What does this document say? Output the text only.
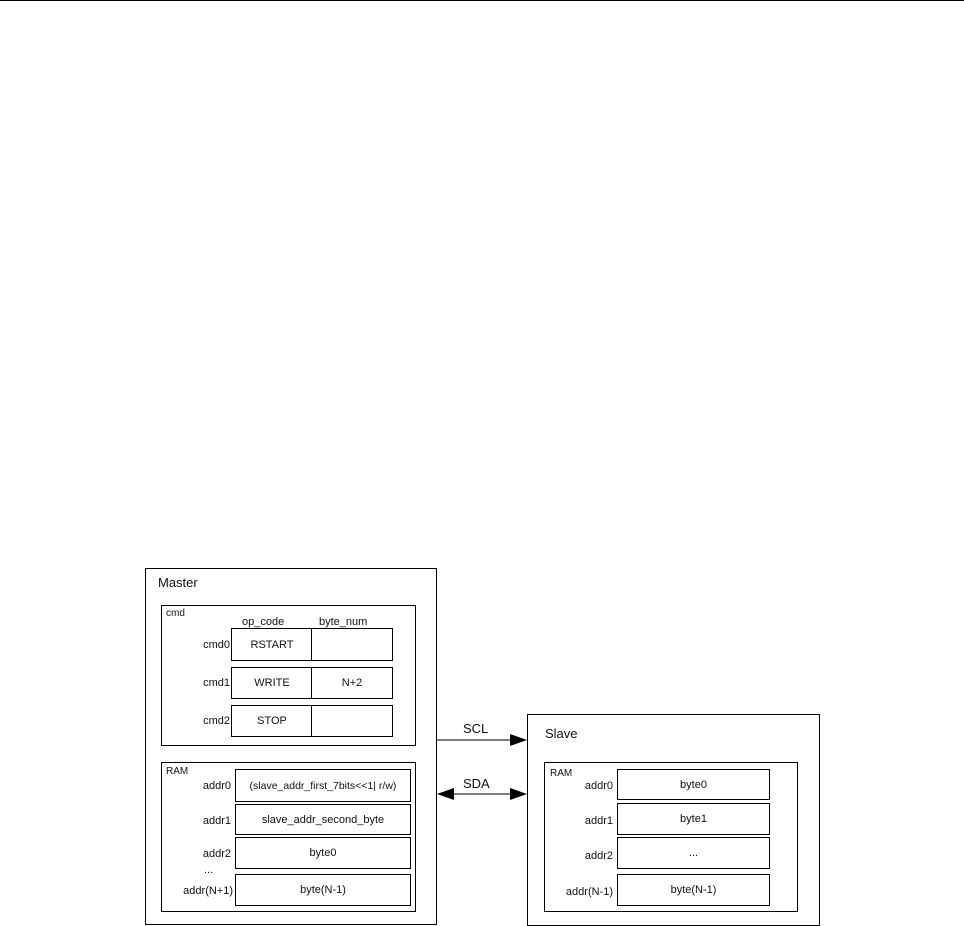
Master
cmd
op_code	byte_num
cmd0	RSTART
cmd1	WRITE	N+2
cmd2	STOP
RAM
addr0	(slave_addr_first_7bits<<1| r/w)
addr1	slave_addr_second_byte
addr2	byte0
...
addr(N+1)	byte(N-1)
Slave
RAM
addr0	byte0
addr1	byte1
addr2	...
addr(N-1)	byte(N-1)
SCL
SDA
